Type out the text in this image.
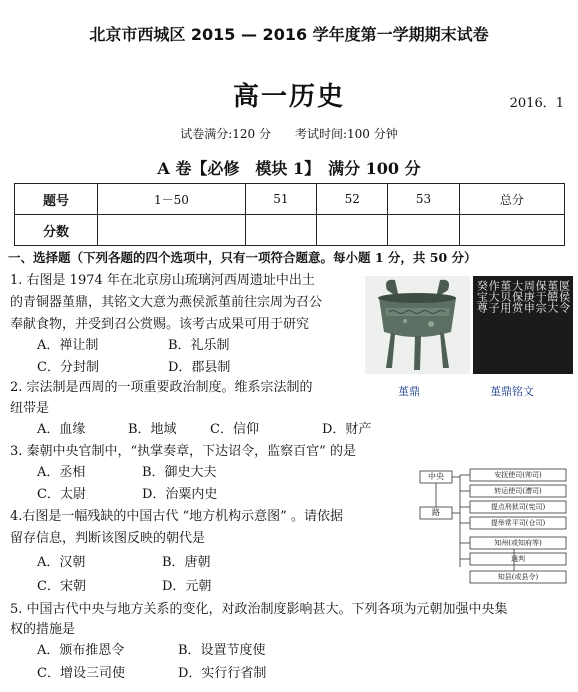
北京市西城区 2015 — 2016 学年度第一学期期末试卷
高一历史	2016．1
试卷满分:120 分　　考试时间:100 分钟
A 卷【必修　模块 1】　满分 100 分
题号	1－50	51	52	53	总分
分数					
一、选择题（下列各题的四个选项中，只有一项符合题意。每小题 1 分，共 50 分）
1. 右图是 1974 年在北京房山琉璃河西周遗址中出土
的青铜器堇鼎，其铭文大意为燕侯派堇前往宗周为召公
奉献食物，并受到召公赏赐。该考古成果可用于研究
A．禅让制	B．礼乐制
C．分封制	D．郡县制
匽侯令
堇饎大
保于宗
周庚申
大保赏
堇贝用
作大子
癸宝尊
堇鼎	堇鼎铭文
2. 宗法制是西周的一项重要政治制度。维系宗法制的
纽带是
A．血缘	B．地域	C．信仰	D．财产
3. 秦朝中央官制中，“执掌奏章，下达诏令，监察百官” 的是
A．丞相	B．御史大夫
C．太尉	D．治粟内史
4.右图是一幅残缺的中国古代 “地方机构示意图” 。请依据
留存信息，判断该图反映的朝代是
A．汉朝	B．唐朝
C．宋朝	D．元朝
中央
路
安抚使司(帅司)
转运使司(漕司)
提点刑狱司(宪司)
提举常平司(仓司)
知州(或知府等)
通判
知县(或县令)
5. 中国古代中央与地方关系的变化，对政治制度影响甚大。下列各项为元朝加强中央集
权的措施是
A．颁布推恩令	B．设置节度使
C．增设三司使	D．实行行省制
